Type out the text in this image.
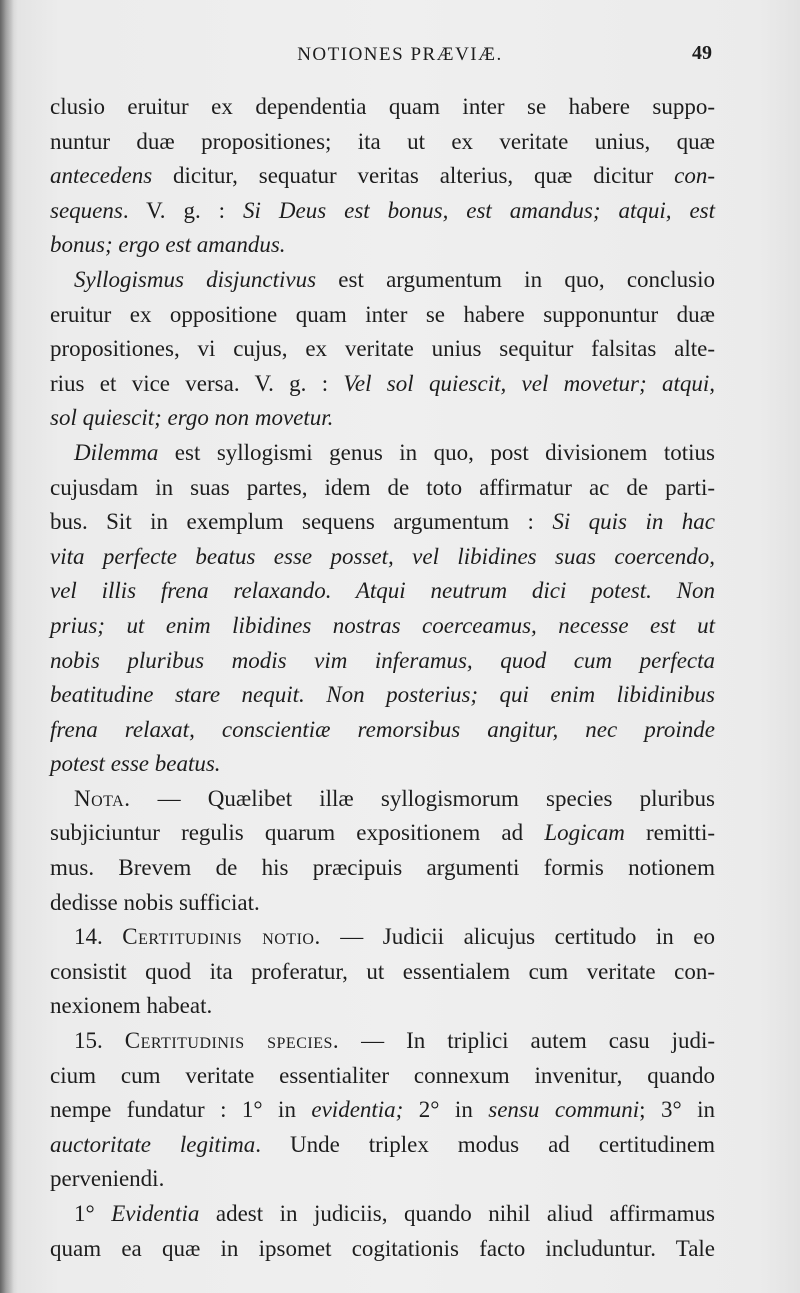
NOTIONES PRÆVIÆ.	49
clusio eruitur ex dependentia quam inter se habere suppo-
nuntur duæ propositiones; ita ut ex veritate unius, quæ
antecedens dicitur, sequatur veritas alterius, quæ dicitur con-
sequens. V. g. : Si Deus est bonus, est amandus; atqui, est
bonus; ergo est amandus.
Syllogismus disjunctivus est argumentum in quo, conclusio
eruitur ex oppositione quam inter se habere supponuntur duæ
propositiones, vi cujus, ex veritate unius sequitur falsitas alte-
rius et vice versa. V. g. : Vel sol quiescit, vel movetur; atqui,
sol quiescit; ergo non movetur.
Dilemma est syllogismi genus in quo, post divisionem totius
cujusdam in suas partes, idem de toto affirmatur ac de parti-
bus. Sit in exemplum sequens argumentum : Si quis in hac
vita perfecte beatus esse posset, vel libidines suas coercendo,
vel illis frena relaxando. Atqui neutrum dici potest. Non
prius; ut enim libidines nostras coerceamus, necesse est ut
nobis pluribus modis vim inferamus, quod cum perfecta
beatitudine stare nequit. Non posterius; qui enim libidinibus
frena relaxat, conscientiæ remorsibus angitur, nec proinde
potest esse beatus.
Nota. — Quælibet illæ syllogismorum species pluribus
subjiciuntur regulis quarum expositionem ad Logicam remitti-
mus. Brevem de his præcipuis argumenti formis notionem
dedisse nobis sufficiat.
14. Certitudinis notio. — Judicii alicujus certitudo in eo
consistit quod ita proferatur, ut essentialem cum veritate con-
nexionem habeat.
15. Certitudinis species. — In triplici autem casu judi-
cium cum veritate essentialiter connexum invenitur, quando
nempe fundatur : 1° in evidentia; 2° in sensu communi; 3° in
auctoritate legitima. Unde triplex modus ad certitudinem
perveniendi.
1° Evidentia adest in judiciis, quando nihil aliud affirmamus
quam ea quæ in ipsomet cogitationis facto includuntur. Tale
